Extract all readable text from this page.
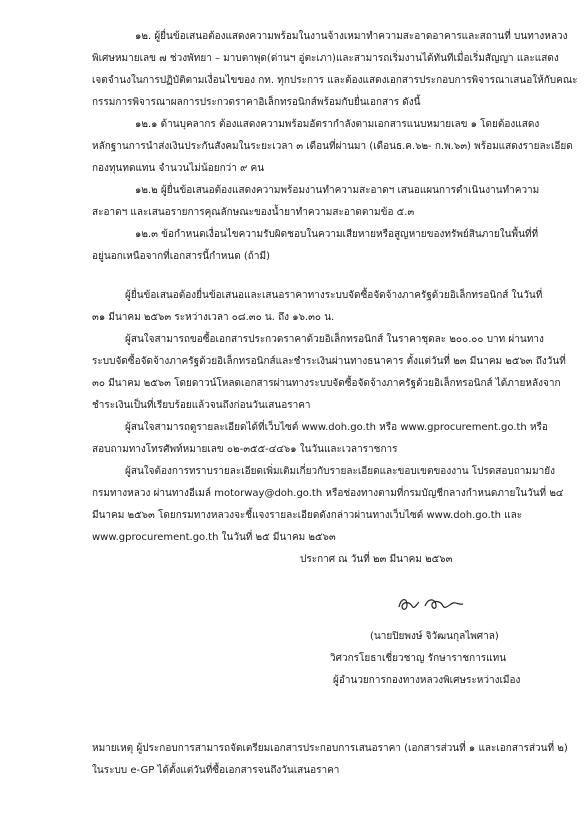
๑๒. ผู้ยื่นข้อเสนอต้องแสดงความพร้อมในงานจ้างเหมาทำความสะอาดอาคารและสถานที่ บนทางหลวง
พิเศษหมายเลข ๗ ช่วงพัทยา – มาบตาพุด(ด่านฯ อู่ตะเภา)และสามารถเริ่มงานได้ทันทีเมื่อเริ่มสัญญา และแสดง
เจตจำนงในการปฏิบัติตามเงื่อนไขของ กท. ทุกประการ และต้องแสดงเอกสารประกอบการพิจารณาเสนอให้กับคณะ
กรรมการพิจารณาผลการประกวดราคาอิเล็กทรอนิกส์พร้อมกับยื่นเอกสาร ดังนี้
๑๒.๑ ด้านบุคลากร ต้องแสดงความพร้อมอัตรากำลังตามเอกสารแนบหมายเลข ๑ โดยต้องแสดง
หลักฐานการนำส่งเงินประกันสังคมในระยะเวลา ๓ เดือนที่ผ่านมา (เดือนธ.ค.๖๒- ก.พ.๖๓) พร้อมแสดงรายละเอียด
กองทุนทดแทน จำนวนไม่น้อยกว่า ๙ คน
๑๒.๒ ผู้ยื่นข้อเสนอต้องแสดงความพร้อมงานทำความสะอาดฯ เสนอแผนการดำเนินงานทำความ
สะอาดฯ และเสนอรายการคุณลักษณะของน้ำยาทำความสะอาดตามข้อ ๕.๓
๑๒.๓ ข้อกำหนดเงื่อนไขความรับผิดชอบในความเสียหายหรือสูญหายของทรัพย์สินภายในพื้นที่ที่
อยู่นอกเหนือจากที่เอกสารนี้กำหนด (ถ้ามี)
ผู้ยื่นข้อเสนอต้องยื่นข้อเสนอและเสนอราคาทางระบบจัดซื้อจัดจ้างภาครัฐด้วยอิเล็กทรอนิกส์ ในวันที่
๓๑ มีนาคม ๒๕๖๓ ระหว่างเวลา ๐๘.๓๐ น. ถึง ๑๖.๓๐ น.
ผู้สนใจสามารถขอซื้อเอกสารประกวดราคาด้วยอิเล็กทรอนิกส์ ในราคาชุดละ ๒๐๐.๐๐ บาท ผ่านทาง
ระบบจัดซื้อจัดจ้างภาครัฐด้วยอิเล็กทรอนิกส์และชำระเงินผ่านทางธนาคาร ตั้งแต่วันที่ ๒๓ มีนาคม ๒๕๖๓ ถึงวันที่
๓๐ มีนาคม ๒๕๖๓ โดยดาวน์โหลดเอกสารผ่านทางระบบจัดซื้อจัดจ้างภาครัฐด้วยอิเล็กทรอนิกส์ ได้ภายหลังจาก
ชำระเงินเป็นที่เรียบร้อยแล้วจนถึงก่อนวันเสนอราคา
ผู้สนใจสามารถดูรายละเอียดได้ที่เว็บไซต์ www.doh.go.th หรือ www.gprocurement.go.th หรือ
สอบถามทางโทรศัพท์หมายเลข ๐๒-๓๕๕-๔๔๖๑ ในวันและเวลาราชการ
ผู้สนใจต้องการทราบรายละเอียดเพิ่มเติมเกี่ยวกับรายละเอียดและขอบเขตของงาน โปรดสอบถามมายัง
กรมทางหลวง ผ่านทางอีเมล์ motorway@doh.go.th หรือช่องทางตามที่กรมบัญชีกลางกำหนดภายในวันที่ ๒๔
มีนาคม ๒๕๖๓ โดยกรมทางหลวงจะชี้แจงรายละเอียดดังกล่าวผ่านทางเว็บไซต์ www.doh.go.th และ
www.gprocurement.go.th ในวันที่ ๒๕ มีนาคม ๒๕๖๓
ประกาศ ณ วันที่ ๒๓ มีนาคม ๒๕๖๓
(นายปิยพงษ์ จิวัฒนกุลไพศาล)
วิศวกรโยธาเชี่ยวชาญ รักษาราชการแทน
ผู้อำนวยการกองทางหลวงพิเศษระหว่างเมือง
หมายเหตุ ผู้ประกอบการสามารถจัดเตรียมเอกสารประกอบการเสนอราคา (เอกสารส่วนที่ ๑ และเอกสารส่วนที่ ๒)
ในระบบ e-GP ได้ตั้งแต่วันที่ซื้อเอกสารจนถึงวันเสนอราคา
